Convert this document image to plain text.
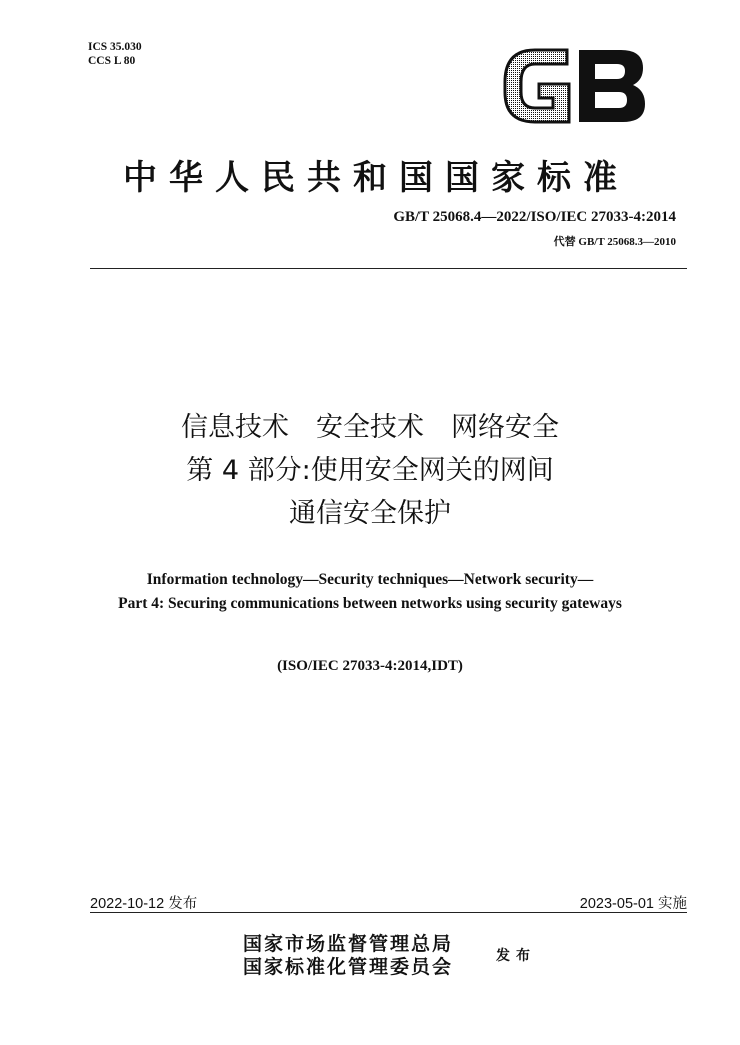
ICS 35.030
CCS L 80
中华人民共和国国家标准
GB/T 25068.4—2022/ISO/IEC 27033-4:2014
代替 GB/T 25068.3—2010
信息技术　安全技术　网络安全
第 4 部分:使用安全网关的网间
通信安全保护
Information technology—Security techniques—Network security—
Part 4: Securing communications between networks using security gateways
(ISO/IEC 27033-4:2014,IDT)
2022-10-12 发布	2023-05-01 实施
国家市场监督管理总局
国家标准化管理委员会	发布
